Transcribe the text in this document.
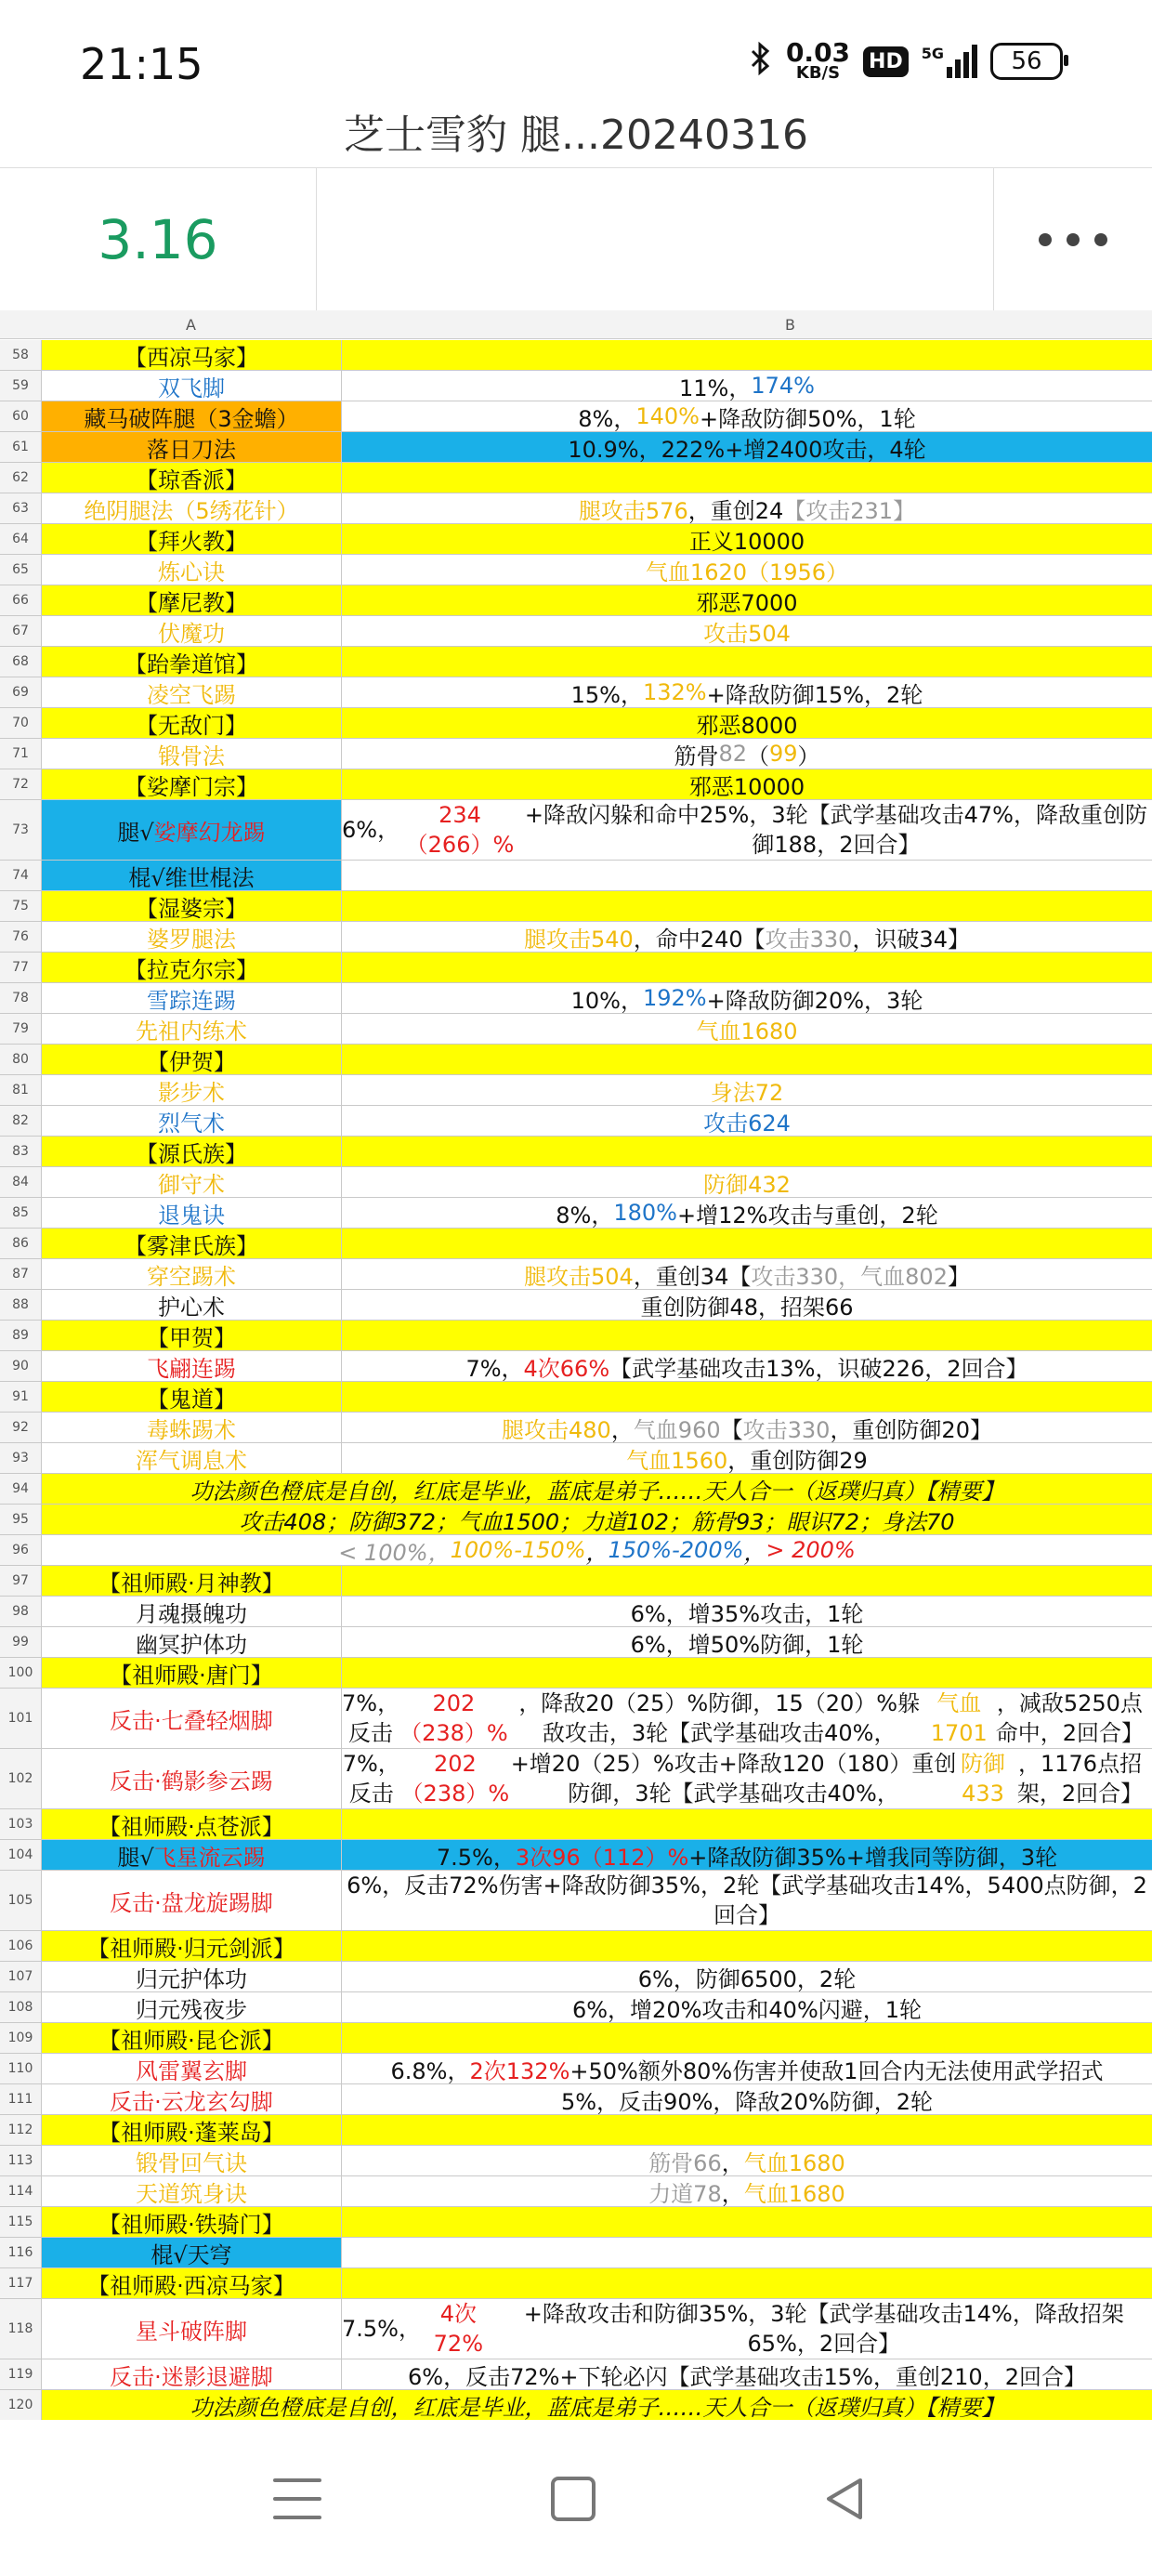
21:15	0.03
KB/S	HD	5G	56
芝士雪豹 腿...20240316
3.16
A	B
58	【西凉马家】
59	双飞脚	11%， 174%
60	藏马破阵腿（3金蟾）	8%， 140% +降敌防御50%，1轮
61	落日刀法	10.9%，222%+增2400攻击，4轮
62	【琼香派】
63	绝阴腿法（5绣花针）	腿攻击576 ，重创24 【攻击231】
64	【拜火教】	正义10000
65	炼心诀	气血1620（1956）
66	【摩尼教】	邪恶7000
67	伏魔功	攻击504
68	【跆拳道馆】
69	凌空飞踢	15%， 132% +降敌防御15%，2轮
70	【无敌门】	邪恶8000
71	锻骨法	筋骨 82 （ 99 ）
72	【娑摩门宗】	邪恶10000
73	腿√ 娑摩幻龙踢	6%，
234（266）%
+降敌闪躲和命中25%，3轮【武学基础攻击47%，降敌重创防御188，2回合】
74	棍√维世棍法
75	【湿婆宗】
76	婆罗腿法	腿攻击540 ，命中240【 攻击330 ，识破34】
77	【拉克尔宗】
78	雪踪连踢	10%， 192% +降敌防御20%，3轮
79	先祖内练术	气血1680
80	【伊贺】
81	影步术	身法72
82	烈气术	攻击624
83	【源氏族】
84	御守术	防御432
85	退鬼诀	8%， 180% +增12%攻击与重创，2轮
86	【雾津氏族】
87	穿空踢术	腿攻击504 ，重创34【 攻击330，气血802 】
88	护心术	重创防御48，招架66
89	【甲贺】
90	飞翩连踢	7%， 4次66% 【武学基础攻击13%，识破226，2回合】
91	【鬼道】
92	毒蛛踢术	腿攻击480 ， 气血960 【 攻击330 ，重创防御20】
93	浑气调息术	气血1560 ，重创防御29
94	功法颜色橙底是自创，红底是毕业，蓝底是弟子……天人合一（返璞归真）【精要】
95	攻击408；防御372；气血1500；力道102；筋骨93；眼识72；身法70
96	< 100%， 100%-150% ， 150%-200% ， > 200%
97	【祖师殿·月神教】
98	月魂摄魄功	6%，增35%攻击，1轮
99	幽冥护体功	6%，增50%防御，1轮
100	【祖师殿·唐门】
101	反击·七叠轻烟脚
7%，反击
202（238）%
，降敌20（25）%防御，15（20）%躲敌攻击，3轮【武学基础攻击40%，
气血1701
，减敌5250点命中，2回合】
102	反击·鹤影参云踢
7%，反击
202（238）%
+增20（25）%攻击+降敌120（180）重创防御，3轮【武学基础攻击40%，
防御433
，1176点招架，2回合】
103	【祖师殿·点苍派】
104	腿√ 飞星流云踢	7.5%， 3次96（112）% +降敌防御35%+增我同等防御，3轮
105	反击·盘龙旋踢脚
6%，反击72%伤害+降敌防御35%，2轮【武学基础攻击14%，5400点防御，2回合】
106	【祖师殿·归元剑派】
107	归元护体功	6%，防御6500，2轮
108	归元残夜步	6%，增20%攻击和40%闪避，1轮
109	【祖师殿·昆仑派】
110	风雷翼玄脚	6.8%， 2次132% +50%额外80%伤害并使敌1回合内无法使用武学招式
111	反击·云龙玄勾脚	5%，反击90%，降敌20%防御，2轮
112	【祖师殿·蓬莱岛】
113	锻骨回气诀	筋骨66 ， 气血1680
114	天道筑身诀	力道78 ， 气血1680
115	【祖师殿·铁骑门】
116	棍√天穹
117	【祖师殿·西凉马家】
118	星斗破阵脚	7.5%，
4次72%
+降敌攻击和防御35%，3轮【武学基础攻击14%，降敌招架65%，2回合】
119	反击·迷影退避脚	6%，反击72%+下轮必闪【武学基础攻击15%，重创210，2回合】
120	功法颜色橙底是自创，红底是毕业，蓝底是弟子……天人合一（返璞归真）【精要】
